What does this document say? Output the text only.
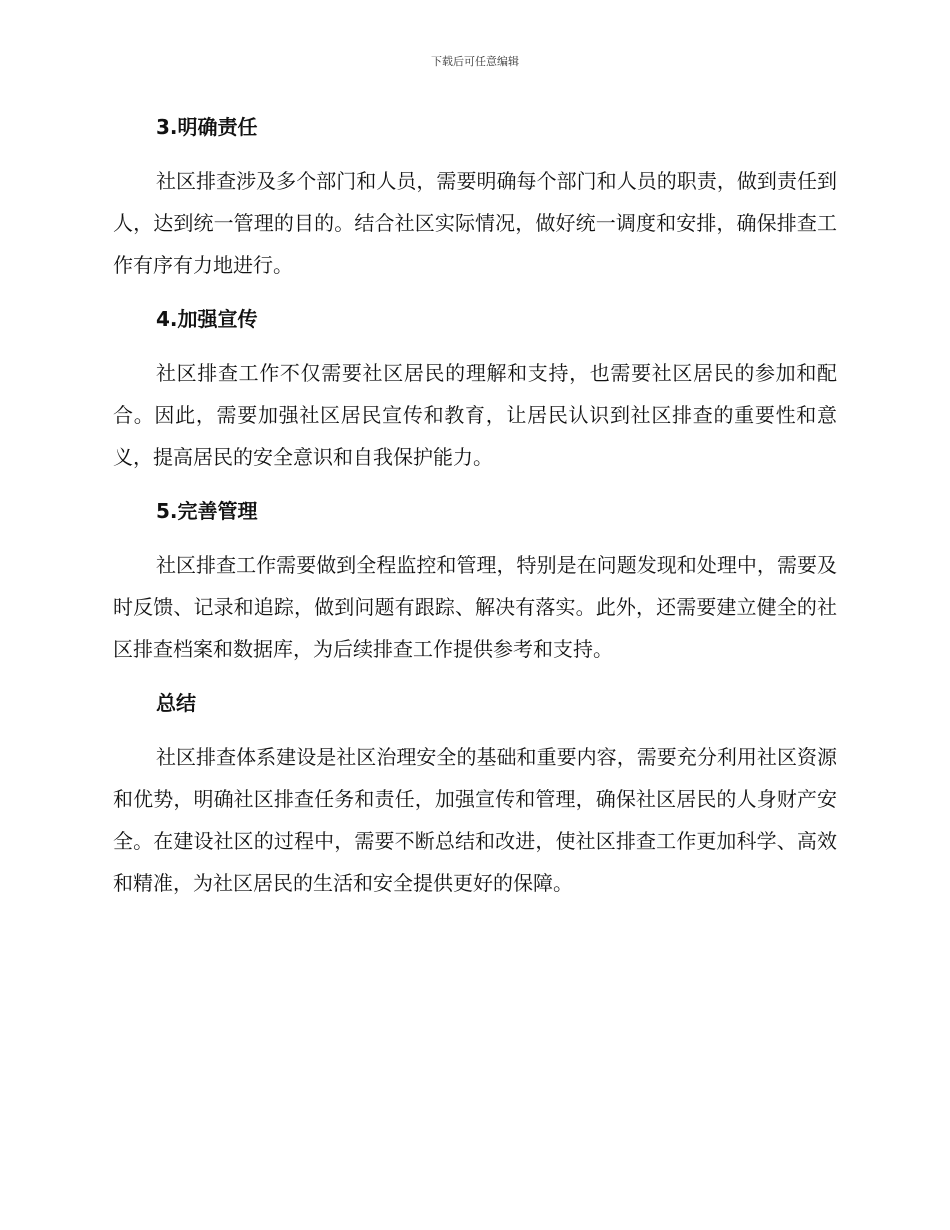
下载后可任意编辑
3.明确责任

社区排查涉及多个部门和人员，需要明确每个部门和人员的职责，做到责任到人，达到统一管理的目的。结合社区实际情况，做好统一调度和安排，确保排查工作有序有力地进行。

4.加强宣传

社区排查工作不仅需要社区居民的理解和支持，也需要社区居民的参加和配合。因此，需要加强社区居民宣传和教育，让居民认识到社区排查的重要性和意义，提高居民的安全意识和自我保护能力。

5.完善管理

社区排查工作需要做到全程监控和管理，特别是在问题发现和处理中，需要及时反馈、记录和追踪，做到问题有跟踪、解决有落实。此外，还需要建立健全的社区排查档案和数据库，为后续排查工作提供参考和支持。

总结

社区排查体系建设是社区治理安全的基础和重要内容，需要充分利用社区资源和优势，明确社区排查任务和责任，加强宣传和管理，确保社区居民的人身财产安全。在建设社区的过程中，需要不断总结和改进，使社区排查工作更加科学、高效和精准，为社区居民的生活和安全提供更好的保障。
